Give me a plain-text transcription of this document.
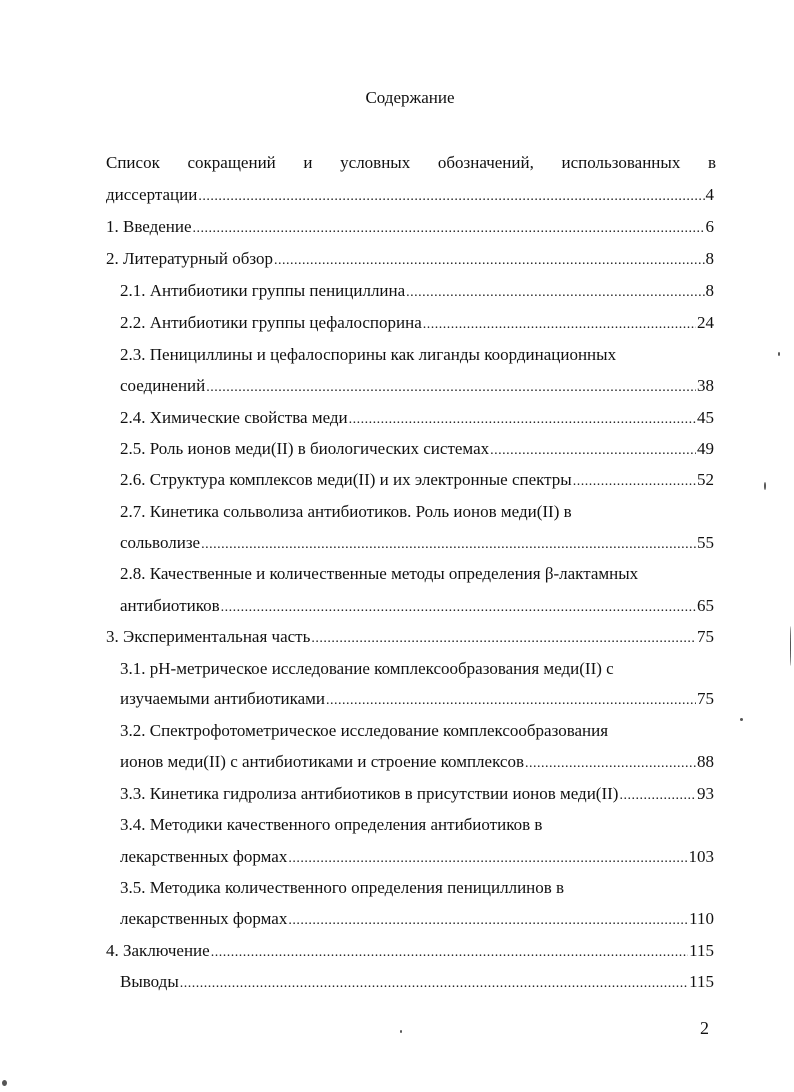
Содержание
Список сокращений и условных обозначений, использованных в
диссертации .....	4
1. Введение .....	6
2. Литературный обзор .....	8
2.1. Антибиотики группы пенициллина .....	8
2.2. Антибиотики группы цефалоспорина .....	24
2.3. Пенициллины и цефалоспорины как лиганды координационных
соединений .....	38
2.4. Химические свойства меди .....	45
2.5. Роль ионов меди(II) в биологических системах .....	49
2.6. Структура комплексов меди(II) и их электронные спектры .....	52
2.7. Кинетика сольволиза антибиотиков. Роль ионов меди(II) в
сольволизе .....	55
2.8. Качественные и количественные методы определения β-лактамных
антибиотиков .....	65
3. Экспериментальная часть .....	75
3.1. рН-метрическое исследование комплексообразования меди(II) с
изучаемыми антибиотиками .....	75
3.2. Спектрофотометрическое исследование комплексообразования
ионов меди(II) с антибиотиками и строение комплексов .....	88
3.3. Кинетика гидролиза антибиотиков в присутствии ионов меди(II) .....	93
3.4. Методики качественного определения антибиотиков в
лекарственных формах .....	103
3.5. Методика количественного определения пенициллинов в
лекарственных формах .....	110
4. Заключение .....	115
Выводы .....	115
2
